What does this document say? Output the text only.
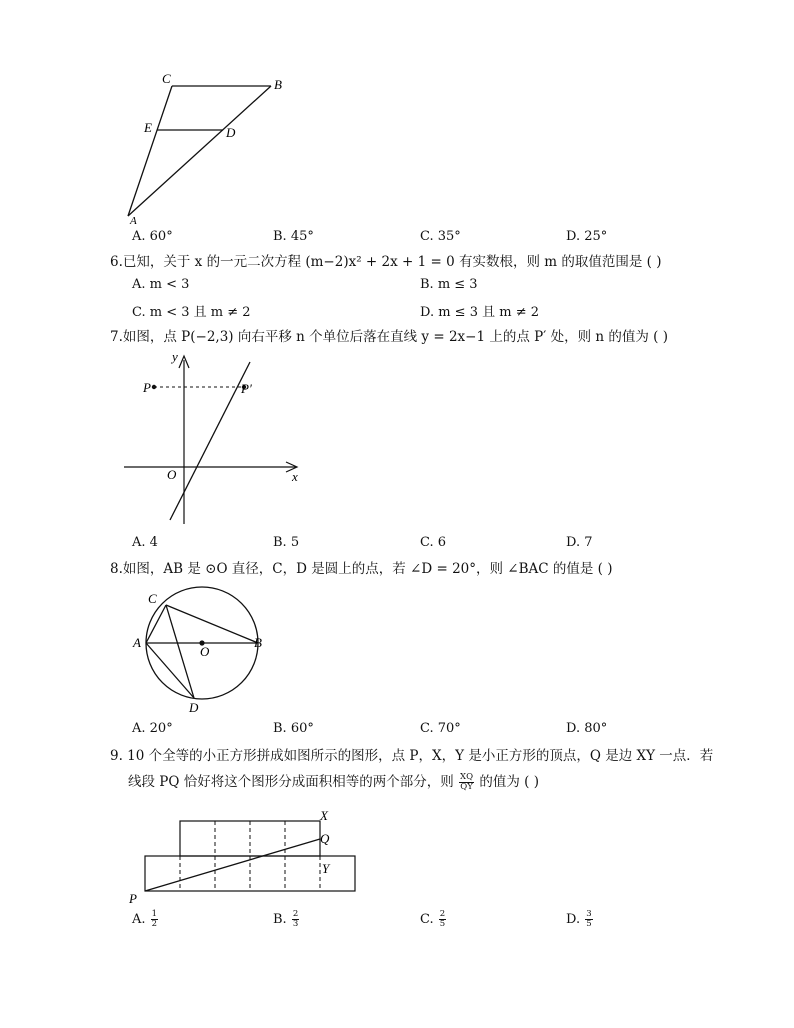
C	B
E	D
A
A. 60°	B. 45°	C. 35°	D. 25°
6.已知，关于 x 的一元二次方程 (m−2)x² + 2x + 1 = 0 有实数根，则 m 的取值范围是 ( )
A. m < 3	B. m ≤ 3
C. m < 3 且 m ≠ 2	D. m ≤ 3 且 m ≠ 2
7.如图，点 P(−2,3) 向右平移 n 个单位后落在直线 y = 2x−1 上的点 P′ 处，则 n 的值为 ( )
y
x
O
P	P′
A. 4	B. 5	C. 6	D. 7
8.如图，AB 是 ⊙O 直径，C，D 是圆上的点，若 ∠D = 20°，则 ∠BAC 的值是 ( )
C
A	B
O
D
A. 20°	B. 60°	C. 70°	D. 80°
9. 10 个全等的小正方形拼成如图所示的图形，点 P，X，Y 是小正方形的顶点，Q 是边 XY 一点．若
线段 PQ 恰好将这个图形分成面积相等的两个部分，则 $\frac{XQ}{QY}$ 的值为 ( )
X
Q
Y
P
A. $\frac{1}{2}$	B. $\frac{2}{3}$	C. $\frac{2}{5}$	D. $\frac{3}{5}$
